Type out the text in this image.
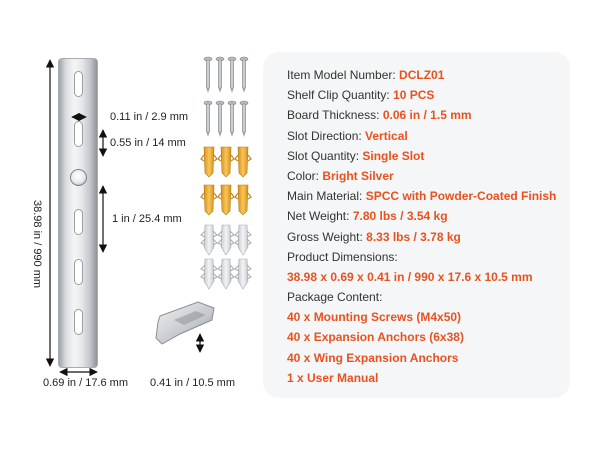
38.98 in / 990 mm
0.69 in / 17.6 mm
0.11 in / 2.9 mm
0.55 in / 14 mm
1 in / 25.4 mm
0.41 in / 10.5 mm
Item Model Number: DCLZ01
Shelf Clip Quantity: 10 PCS
Board Thickness: 0.06 in / 1.5 mm
Slot Direction: Vertical
Slot Quantity: Single Slot
Color: Bright Silver
Main Material: SPCC with Powder-Coated Finish
Net Weight: 7.80 lbs / 3.54 kg
Gross Weight: 8.33 lbs / 3.78 kg
Product Dimensions:
38.98 x 0.69 x 0.41 in / 990 x 17.6 x 10.5 mm
Package Content:
40 x Mounting Screws (M4x50)
40 x Expansion Anchors (6x38)
40 x Wing Expansion Anchors
1 x User Manual
